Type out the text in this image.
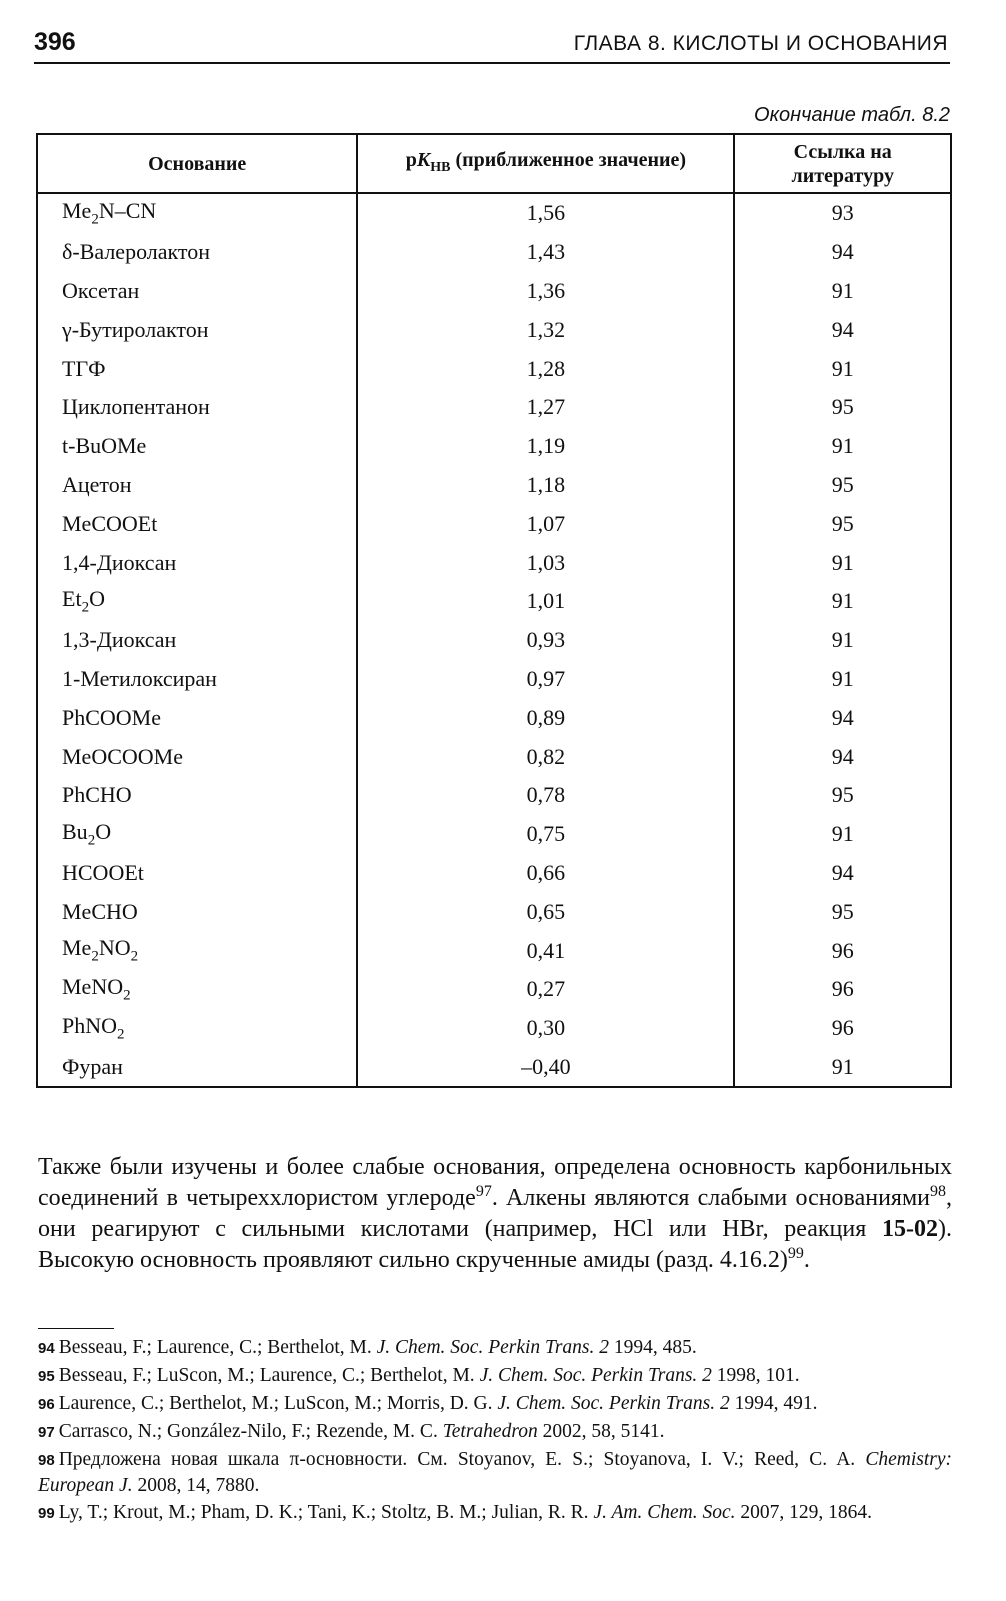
396	ГЛАВА 8. КИСЛОТЫ И ОСНОВАНИЯ
Окончание табл. 8.2
Основание	$pK_{HB}$ (приближенное значение)	Ссылка на
литературу
$Me_2N-CN$	1,56	93
δ-Валеролактон	1,43	94
Оксетан	1,36	91
γ-Бутиролактон	1,32	94
ТГФ	1,28	91
Циклопентанон	1,27	95
t-BuOMe	1,19	91
Ацетон	1,18	95
MeCOOEt	1,07	95
1,4-Диоксан	1,03	91
$Et_2O$	1,01	91
1,3-Диоксан	0,93	91
1-Метилоксиран	0,97	91
PhCOOMe	0,89	94
MeOCOOMe	0,82	94
PhCHO	0,78	95
$Bu_2O$	0,75	91
HCOOEt	0,66	94
MeCHO	0,65	95
$Me_2NO_2$	0,41	96
MeNO$_2$	0,27	96
PhNO$_2$	0,30	96
Фуран	–0,40	91
Также были изучены и более слабые основания, определена основность карбонильных соединений в четыреххлористом углероде$^{97}$. Алкены являются слабыми основаниями$^{98}$, они реагируют с сильными кислотами (например, HCl или HBr, реакция 15-02). Высокую основность проявляют сильно скрученные амиды (разд. 4.16.2)$^{99}$.
94 Besseau, F.; Laurence, C.; Berthelot, M. J. Chem. Soc. Perkin Trans. 2 1994, 485.
95 Besseau, F.; LuScon, M.; Laurence, C.; Berthelot, M. J. Chem. Soc. Perkin Trans. 2 1998, 101.
96 Laurence, C.; Berthelot, M.; LuScon, M.; Morris, D. G. J. Chem. Soc. Perkin Trans. 2 1994, 491.
97 Carrasco, N.; González-Nilo, F.; Rezende, M. C. Tetrahedron 2002, 58, 5141.
98 Предложена новая шкала π-основности. См. Stoyanov, E. S.; Stoyanova, I. V.; Reed, C. A. Chemistry: European J. 2008, 14, 7880.
99 Ly, T.; Krout, M.; Pham, D. K.; Tani, K.; Stoltz, B. M.; Julian, R. R. J. Am. Chem. Soc. 2007, 129, 1864.
